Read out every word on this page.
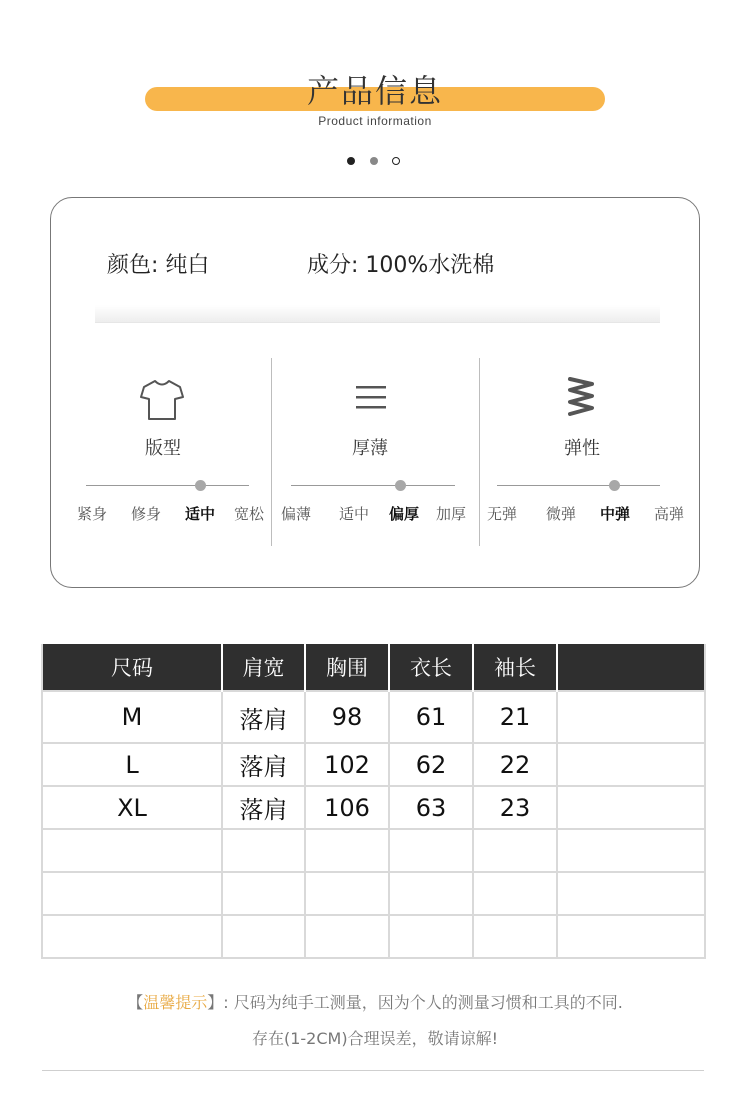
产品信息
Product information
颜色: 纯白	成分: 100%水洗棉
版型
紧身 修身 适中 宽松
厚薄
偏薄 适中 偏厚 加厚
弹性
无弹 微弹 中弹 高弹
尺码	肩宽	胸围	衣长	袖长	
M	落肩	98	61	21	
L	落肩	102	62	22	
XL	落肩	106	63	23	

【温馨提示】: 尺码为纯手工测量，因为个人的测量习惯和工具的不同.
存在(1-2CM)合理误差，敬请谅解!
